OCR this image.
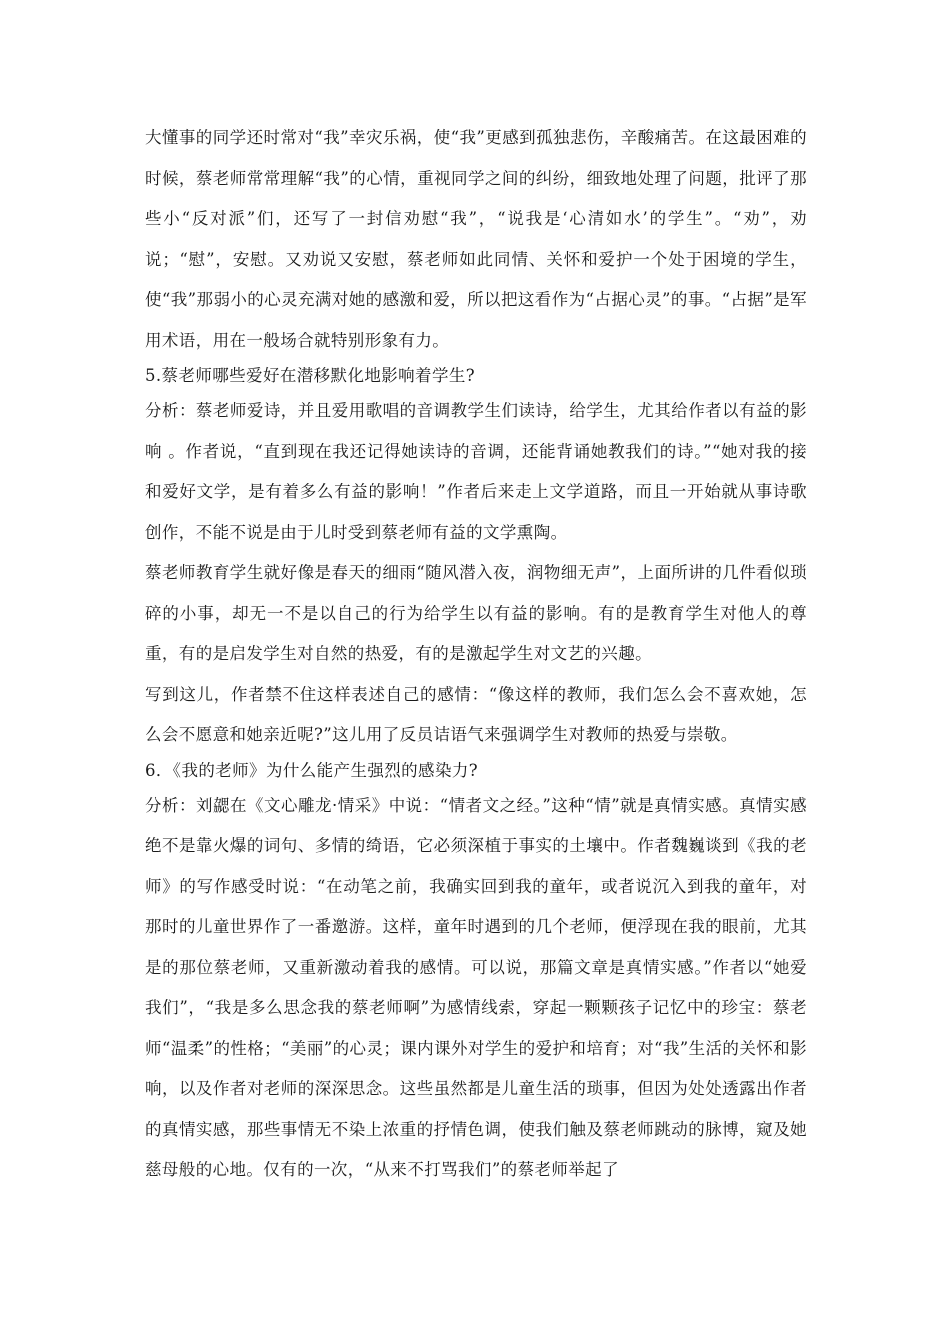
大懂事的同学还时常对“我”幸灾乐祸，使“我”更感到孤独悲伤，辛酸痛苦。在这最困难的时候，蔡老师常常理解“我”的心情，重视同学之间的纠纷，细致地处理了问题，批评了那些小“反对派”们，还写了一封信劝慰“我”，“说我是‘心清如水’的学生”。“劝”，劝说；“慰”，安慰。又劝说又安慰，蔡老师如此同情、关怀和爱护一个处于困境的学生，使“我”那弱小的心灵充满对她的感激和爱，所以把这看作为“占据心灵”的事。“占据”是军用术语，用在一般场合就特别形象有力。

5.蔡老师哪些爱好在潜移默化地影响着学生?

分析：蔡老师爱诗，并且爱用歌唱的音调教学生们读诗，给学生，尤其给作者以有益的影响 。作者说，“直到现在我还记得她读诗的音调，还能背诵她教我们的诗。”“她对我的接和爱好文学，是有着多么有益的影响！”作者后来走上文学道路，而且一开始就从事诗歌创作，不能不说是由于儿时受到蔡老师有益的文学熏陶。

蔡老师教育学生就好像是春天的细雨“随风潜入夜，润物细无声”，上面所讲的几件看似琐碎的小事，却无一不是以自己的行为给学生以有益的影响。有的是教育学生对他人的尊重，有的是启发学生对自然的热爱，有的是激起学生对文艺的兴趣。

写到这儿，作者禁不住这样表述自己的感情：“像这样的教师，我们怎么会不喜欢她，怎么会不愿意和她亲近呢?”这儿用了反员诘语气来强调学生对教师的热爱与崇敬。

6．《我的老师》为什么能产生强烈的感染力?

分析：刘勰在《文心雕龙·情采》中说：“情者文之经。”这种“情”就是真情实感。真情实感绝不是靠火爆的词句、多情的绮语，它必须深植于事实的土壤中。作者魏巍谈到《我的老师》的写作感受时说：“在动笔之前，我确实回到我的童年，或者说沉入到我的童年，对那时的儿童世界作了一番邀游。这样，童年时遇到的几个老师，便浮现在我的眼前，尤其是的那位蔡老师，又重新激动着我的感情。可以说，那篇文章是真情实感。”作者以“她爱我们”，“我是多么思念我的蔡老师啊”为感情线索，穿起一颗颗孩子记忆中的珍宝：蔡老师“温柔”的性格；“美丽”的心灵；课内课外对学生的爱护和培育；对“我”生活的关怀和影响，以及作者对老师的深深思念。这些虽然都是儿童生活的琐事，但因为处处透露出作者的真情实感，那些事情无不染上浓重的抒情色调，使我们触及蔡老师跳动的脉博，窥及她慈母般的心地。仅有的一次，“从来不打骂我们”的蔡老师举起了
